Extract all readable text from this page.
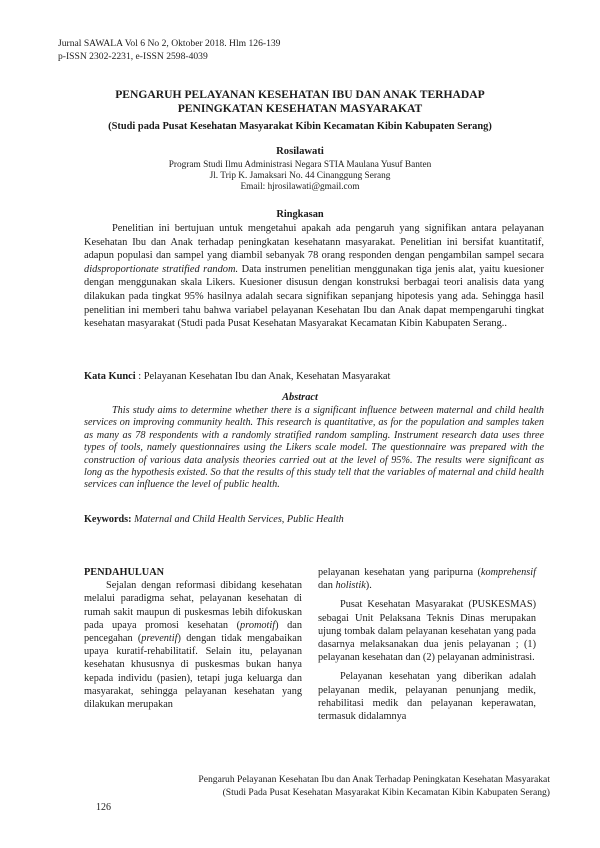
Jurnal SAWALA Vol 6 No 2, Oktober 2018. Hlm 126-139
p-ISSN 2302-2231, e-ISSN 2598-4039
PENGARUH PELAYANAN KESEHATAN IBU DAN ANAK TERHADAP
PENINGKATAN KESEHATAN MASYARAKAT
(Studi pada Pusat Kesehatan Masyarakat Kibin Kecamatan Kibin Kabupaten Serang)
Rosilawati
Program Studi Ilmu Administrasi Negara STIA Maulana Yusuf Banten
Jl. Trip K. Jamaksari No. 44 Cinanggung Serang
Email: hjrosilawati@gmail.com
Ringkasan

Penelitian ini bertujuan untuk mengetahui apakah ada pengaruh yang signifikan antara pelayanan Kesehatan Ibu dan Anak terhadap peningkatan kesehatann masyarakat. Penelitian ini bersifat kuantitatif, adapun populasi dan sampel yang diambil sebanyak 78 orang responden dengan pengambilan sampel secara didsproportionate stratified random. Data instrumen penelitian menggunakan tiga jenis alat, yaitu kuesioner dengan menggunakan skala Likers. Kuesioner disusun dengan konstruksi berbagai teori analisis data yang dilakukan pada tingkat 95% hasilnya adalah secara signifikan sepanjang hipotesis yang ada. Sehingga hasil penelitian ini memberi tahu bahwa variabel pelayanan Kesehatan Ibu dan Anak dapat mempengaruhi tingkat kesehatan masyarakat (Studi pada Pusat Kesehatan Masyarakat Kecamatan Kibin Kabupaten Serang..

Kata Kunci : Pelayanan Kesehatan Ibu dan Anak, Kesehatan Masyarakat
Abstract

This study aims to determine whether there is a significant influence between maternal and child health services on improving community health. This research is quantitative, as for the population and samples taken as many as 78 respondents with a randomly stratified random sampling. Instrument research data uses three types of tools, namely questionnaires using the Likers scale model. The questionnaire was prepared with the construction of various data analysis theories carried out at the level of 95%. The results were significant as long as the hypothesis existed. So that the results of this study tell that the variables of maternal and child health services can influence the level of public health.

Keywords: Maternal and Child Health Services, Public Health
PENDAHULUAN

Sejalan dengan reformasi dibidang kesehatan melalui paradigma sehat, pelayanan kesehatan di rumah sakit maupun di puskesmas lebih difokuskan pada upaya promosi kesehatan (promotif) dan pencegahan (preventif) dengan tidak mengabaikan upaya kuratif-rehabilitatif. Selain itu, pelayanan kesehatan khususnya di puskesmas bukan hanya kepada individu (pasien), tetapi juga keluarga dan masyarakat, sehingga pelayanan kesehatan yang dilakukan merupakan

pelayanan kesehatan yang paripurna (komprehensif dan holistik).

Pusat Kesehatan Masyarakat (PUSKESMAS) sebagai Unit Pelaksana Teknis Dinas merupakan ujung tombak dalam pelayanan kesehatan yang pada dasarnya melaksanakan dua jenis pelayanan ; (1) pelayanan kesehatan dan (2) pelayanan administrasi.

Pelayanan kesehatan yang diberikan adalah pelayanan medik, pelayanan penunjang medik, rehabilitasi medik dan pelayanan keperawatan, termasuk didalamnya

Pengaruh Pelayanan Kesehatan Ibu dan Anak Terhadap Peningkatan Kesehatan Masyarakat
(Studi Pada Pusat Kesehatan Masyarakat Kibin Kecamatan Kibin Kabupaten Serang)
126
